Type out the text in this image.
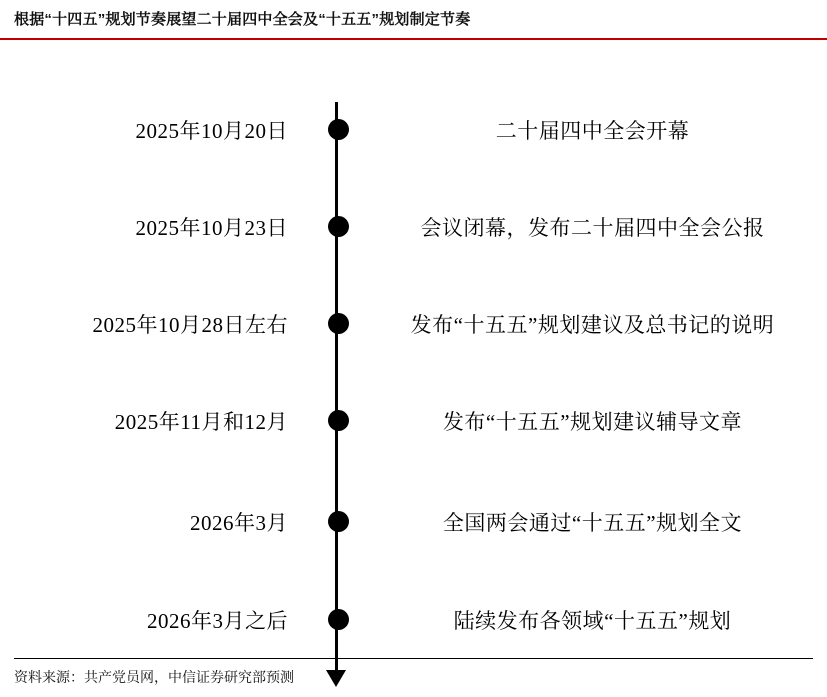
根据“十四五”规划节奏展望二十届四中全会及“十五五”规划制定节奏
2025年10月20日	二十届四中全会开幕
2025年10月23日	会议闭幕，发布二十届四中全会公报
2025年10月28日左右	发布“十五五”规划建议及总书记的说明
2025年11月和12月	发布“十五五”规划建议辅导文章
2026年3月	全国两会通过“十五五”规划全文
2026年3月之后	陆续发布各领域“十五五”规划
资料来源：共产党员网，中信证券研究部预测
